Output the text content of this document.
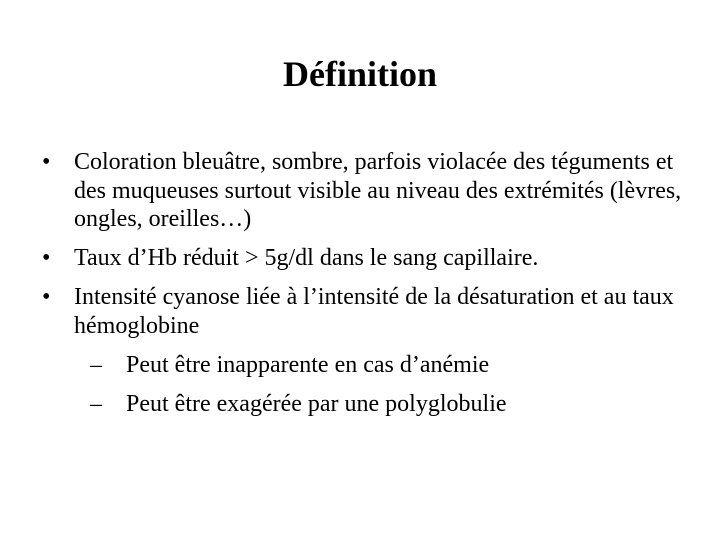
Définition
• Coloration bleuâtre, sombre, parfois violacée des téguments et des muqueuses surtout visible au niveau des extrémités (lèvres, ongles, oreilles…)
• Taux d’Hb réduit > 5g/dl dans le sang capillaire.
• Intensité cyanose liée à l’intensité de la désaturation et au taux hémoglobine
– Peut être inapparente en cas d’anémie
– Peut être exagérée par une polyglobulie
